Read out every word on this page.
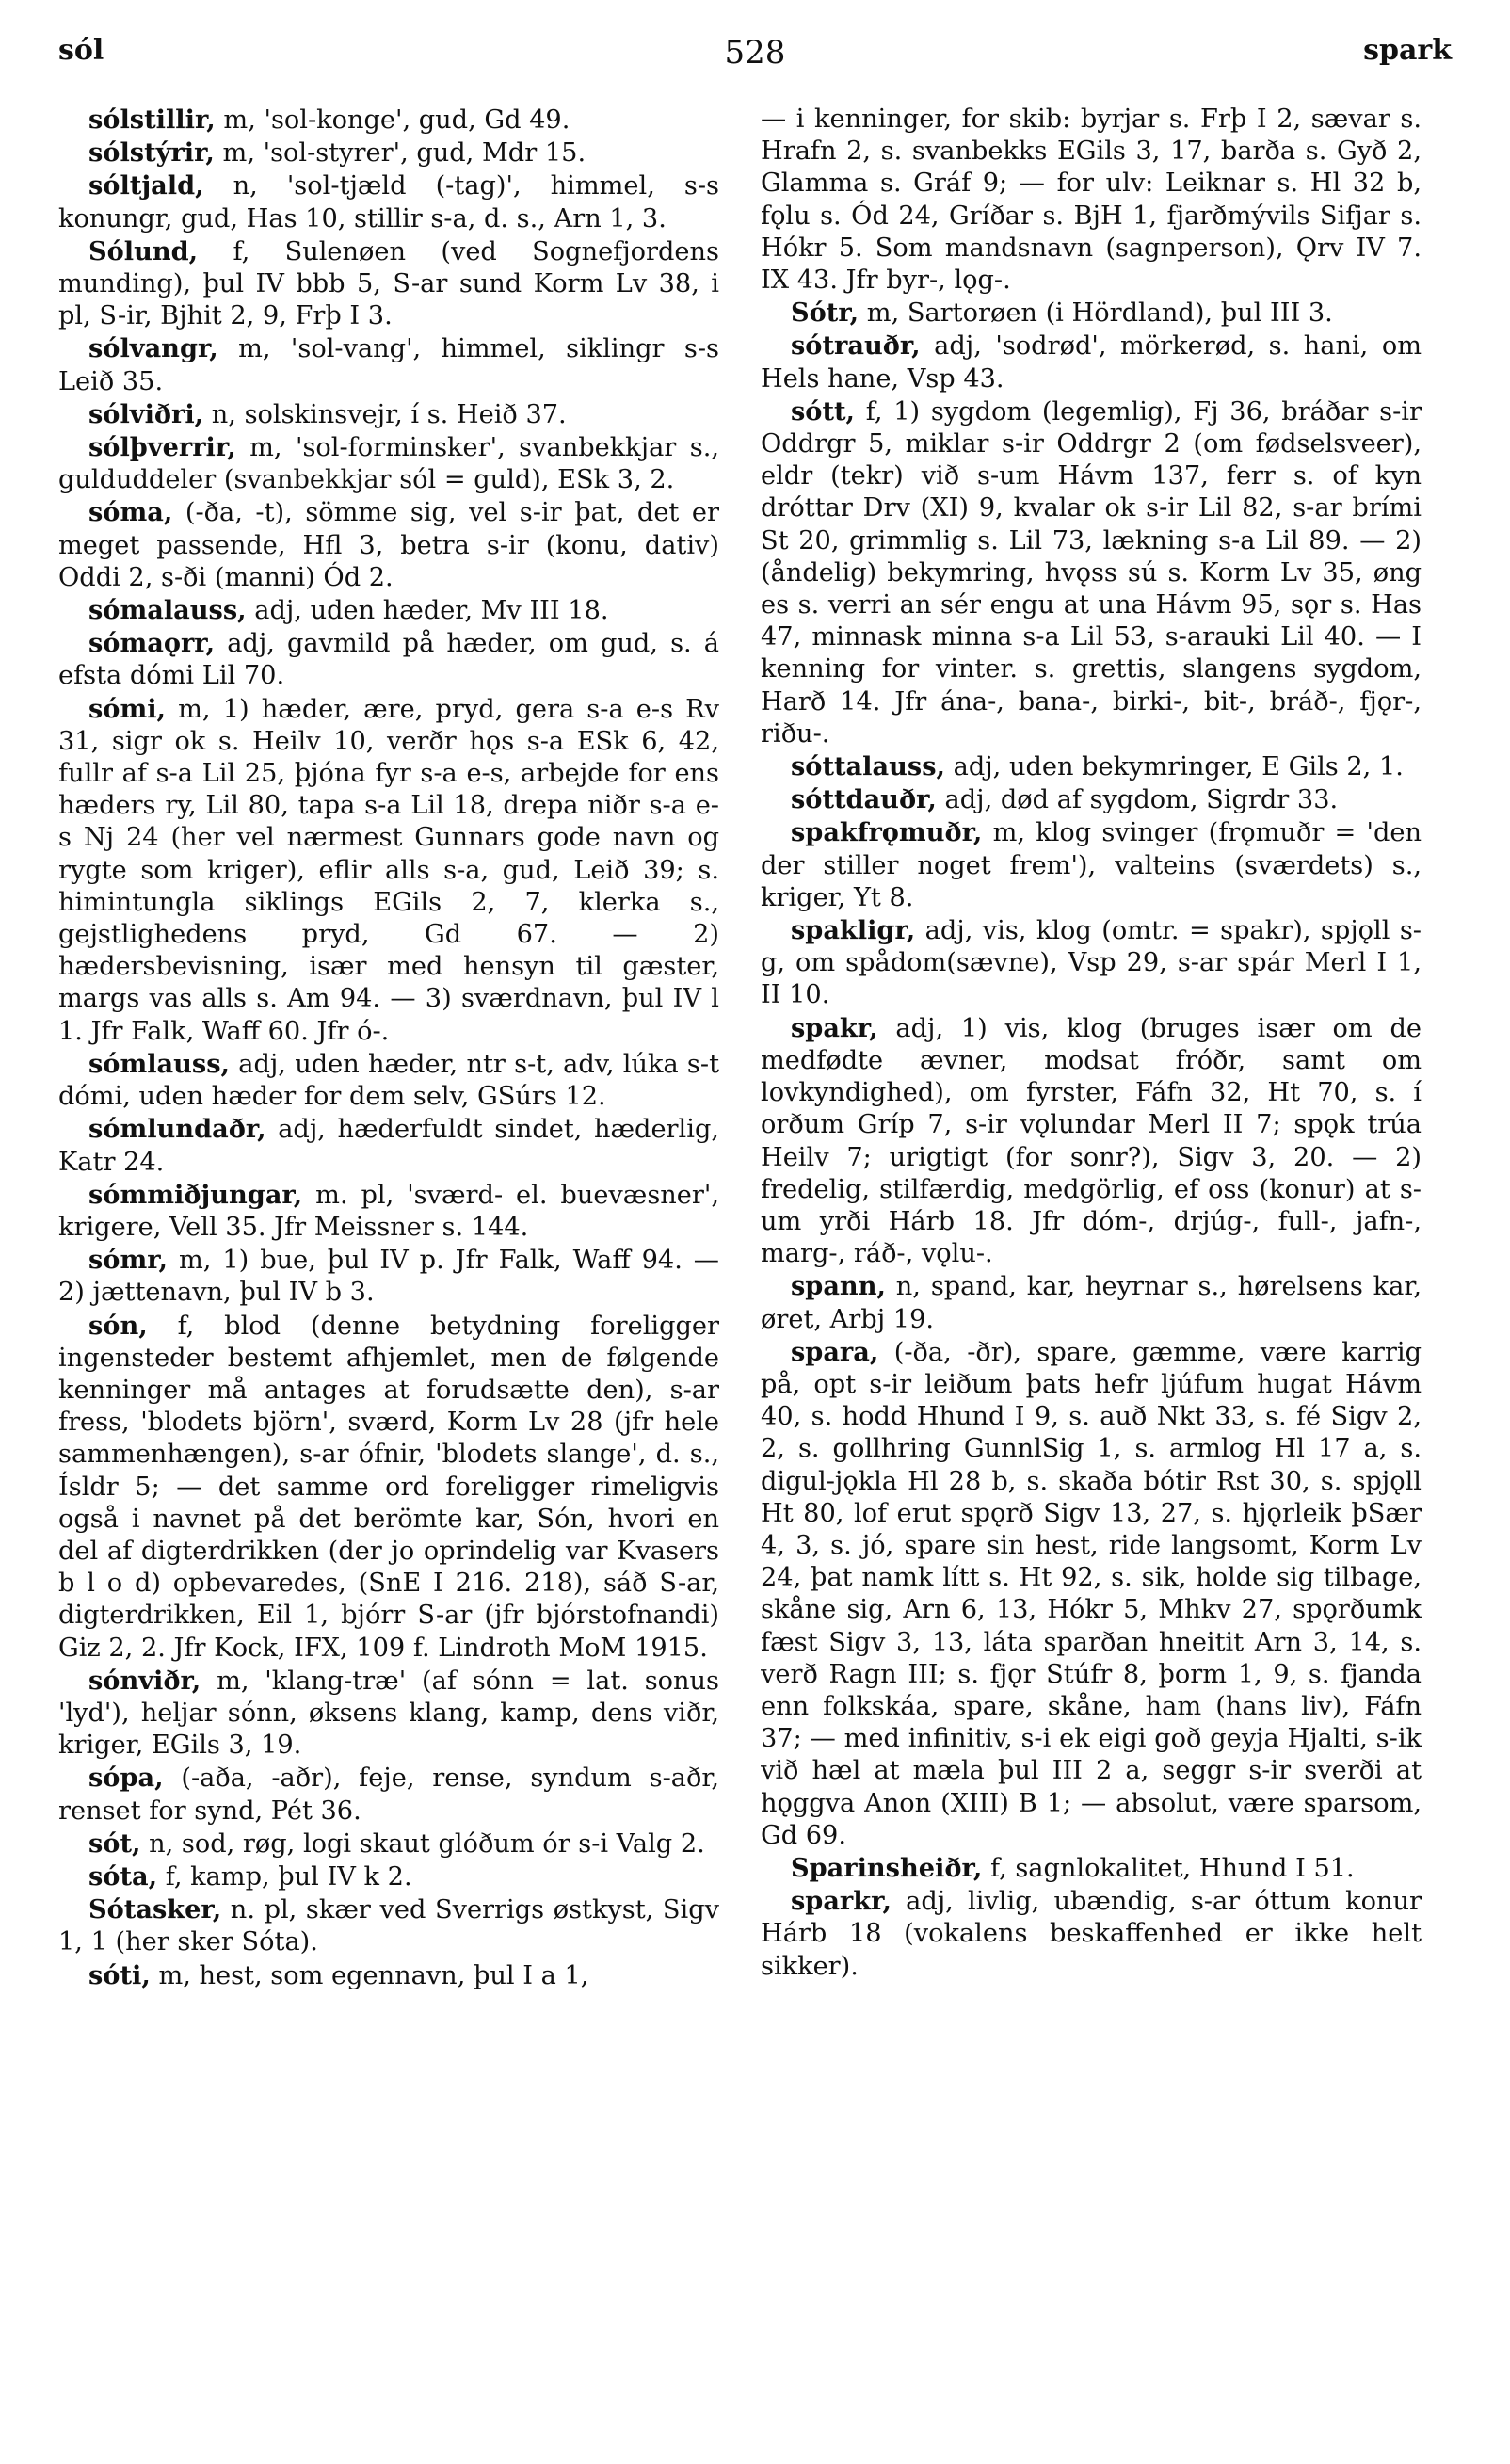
sól	528	spark

sólstillir, m, 'sol-konge', gud, Gd 49.

sólstýrir, m, 'sol-styrer', gud, Mdr 15.

sóltjald, n, 'sol-tjæld (-tag)', himmel, s-s konungr, gud, Has 10, stillir s-a, d. s., Arn 1, 3.

Sólund, f, Sulenøen (ved Sognefjordens munding), þul IV bbb 5, S-ar sund Korm Lv 38, i pl, S-ir, Bjhit 2, 9, Frþ I 3.

sólvangr, m, 'sol-vang', himmel, siklingr s-s Leið 35.

sólviðri, n, solskinsvejr, í s. Heið 37.

sólþverrir, m, 'sol-forminsker', svanbekkjar s., gulduddeler (svanbekkjar sól = guld), ESk 3, 2.

sóma, (-ða, -t), sömme sig, vel s-ir þat, det er meget passende, Hfl 3, betra s-ir (konu, dativ) Oddi 2, s-ði (manni) Ód 2.

sómalauss, adj, uden hæder, Mv III 18.

sómaǫrr, adj, gavmild på hæder, om gud, s. á efsta dómi Lil 70.

sómi, m, 1) hæder, ære, pryd, gera s-a e-s Rv 31, sigr ok s. Heilv 10, verðr hǫs s-a ESk 6, 42, fullr af s-a Lil 25, þjóna fyr s-a e-s, arbejde for ens hæders ry, Lil 80, tapa s-a Lil 18, drepa niðr s-a e-s Nj 24 (her vel nærmest Gunnars gode navn og rygte som kriger), eflir alls s-a, gud, Leið 39; s. himintungla siklings EGils 2, 7, klerka s., gejstlighedens pryd, Gd 67. — 2) hædersbevisning, især med hensyn til gæster, margs vas alls s. Am 94. — 3) sværdnavn, þul IV l 1. Jfr Falk, Waff 60. Jfr ó-.

sómlauss, adj, uden hæder, ntr s-t, adv, lúka s-t dómi, uden hæder for dem selv, GSúrs 12.

sómlundaðr, adj, hæderfuldt sindet, hæderlig, Katr 24.

sómmiðjungar, m. pl, 'sværd- el. buevæsner', krigere, Vell 35. Jfr Meissner s. 144.

sómr, m, 1) bue, þul IV p. Jfr Falk, Waff 94. — 2) jættenavn, þul IV b 3.

són, f, blod (denne betydning foreligger ingensteder bestemt afhjemlet, men de følgende kenninger må antages at forudsætte den), s-ar fress, 'blodets björn', sværd, Korm Lv 28 (jfr hele sammenhængen), s-ar ófnir, 'blodets slange', d. s., Ísldr 5; — det samme ord foreligger rimeligvis også i navnet på det berömte kar, Són, hvori en del af digterdrikken (der jo oprindelig var Kvasers b l o d) opbevaredes, (SnE I 216. 218), sáð S-ar, digterdrikken, Eil 1, bjórr S-ar (jfr bjórstofnandi) Giz 2, 2. Jfr Kock, IFX, 109 f. Lindroth MoM 1915.

sónviðr, m, 'klang-træ' (af sónn = lat. sonus 'lyd'), heljar sónn, øksens klang, kamp, dens viðr, kriger, EGils 3, 19.

sópa, (-aða, -aðr), feje, rense, syndum s-aðr, renset for synd, Pét 36.

sót, n, sod, røg, logi skaut glóðum ór s-i Valg 2.

sóta, f, kamp, þul IV k 2.

Sótasker, n. pl, skær ved Sverrigs østkyst, Sigv 1, 1 (her sker Sóta).

sóti, m, hest, som egennavn, þul I a 1,

— i kenninger, for skib: byrjar s. Frþ I 2, sævar s. Hrafn 2, s. svanbekks EGils 3, 17, barða s. Gyð 2, Glamma s. Gráf 9; — for ulv: Leiknar s. Hl 32 b, fǫlu s. Ód 24, Gríðar s. BjH 1, fjarðmývils Sifjar s. Hókr 5. Som mandsnavn (sagnperson), Ǫrv IV 7. IX 43. Jfr byr-, lǫg-.

Sótr, m, Sartorøen (i Hördland), þul III 3.

sótrauðr, adj, 'sodrød', mörkerød, s. hani, om Hels hane, Vsp 43.

sótt, f, 1) sygdom (legemlig), Fj 36, bráðar s-ir Oddrgr 5, miklar s-ir Oddrgr 2 (om fødselsveer), eldr (tekr) við s-um Hávm 137, ferr s. of kyn dróttar Drv (XI) 9, kvalar ok s-ir Lil 82, s-ar brími St 20, grimmlig s. Lil 73, lækning s-a Lil 89. — 2) (åndelig) bekymring, hvǫss sú s. Korm Lv 35, øng es s. verri an sér engu at una Hávm 95, sǫr s. Has 47, minnask minna s-a Lil 53, s-arauki Lil 40. — I kenning for vinter. s. grettis, slangens sygdom, Harð 14. Jfr ána-, bana-, birki-, bit-, bráð-, fjǫr-, riðu-.

sóttalauss, adj, uden bekymringer, E Gils 2, 1.

sóttdauðr, adj, død af sygdom, Sigrdr 33.

spakfrǫmuðr, m, klog svinger (frǫmuðr = 'den der stiller noget frem'), valteins (sværdets) s., kriger, Yt 8.

spakligr, adj, vis, klog (omtr. = spakr), spjǫll s-g, om spådom(sævne), Vsp 29, s-ar spár Merl I 1, II 10.

spakr, adj, 1) vis, klog (bruges især om de medfødte ævner, modsat fróðr, samt om lovkyndighed), om fyrster, Fáfn 32, Ht 70, s. í orðum Gríp 7, s-ir vǫlundar Merl II 7; spǫk trúa Heilv 7; urigtigt (for sonr?), Sigv 3, 20. — 2) fredelig, stilfærdig, medgörlig, ef oss (konur) at s-um yrði Hárb 18. Jfr dóm-, drjúg-, full-, jafn-, marg-, ráð-, vǫlu-.

spann, n, spand, kar, heyrnar s., hørelsens kar, øret, Arbj 19.

spara, (-ða, -ðr), spare, gæmme, være karrig på, opt s-ir leiðum þats hefr ljúfum hugat Hávm 40, s. hodd Hhund I 9, s. auð Nkt 33, s. fé Sigv 2, 2, s. gollhring GunnlSig 1, s. armlog Hl 17 a, s. digul-jǫkla Hl 28 b, s. skaða bótir Rst 30, s. spjǫll Ht 80, lof erut spǫrð Sigv 13, 27, s. hjǫrleik þSær 4, 3, s. jó, spare sin hest, ride langsomt, Korm Lv 24, þat namk lítt s. Ht 92, s. sik, holde sig tilbage, skåne sig, Arn 6, 13, Hókr 5, Mhkv 27, spǫrðumk fæst Sigv 3, 13, láta sparðan hneitit Arn 3, 14, s. verð Ragn III; s. fjǫr Stúfr 8, þorm 1, 9, s. fjanda enn folkskáa, spare, skåne, ham (hans liv), Fáfn 37; — med infinitiv, s-i ek eigi goð geyja Hjalti, s-ik við hæl at mæla þul III 2 a, seggr s-ir sverði at hǫggva Anon (XIII) B 1; — absolut, være sparsom, Gd 69.

Sparinsheiðr, f, sagnlokalitet, Hhund I 51.

sparkr, adj, livlig, ubændig, s-ar óttum konur Hárb 18 (vokalens beskaffenhed er ikke helt sikker).
